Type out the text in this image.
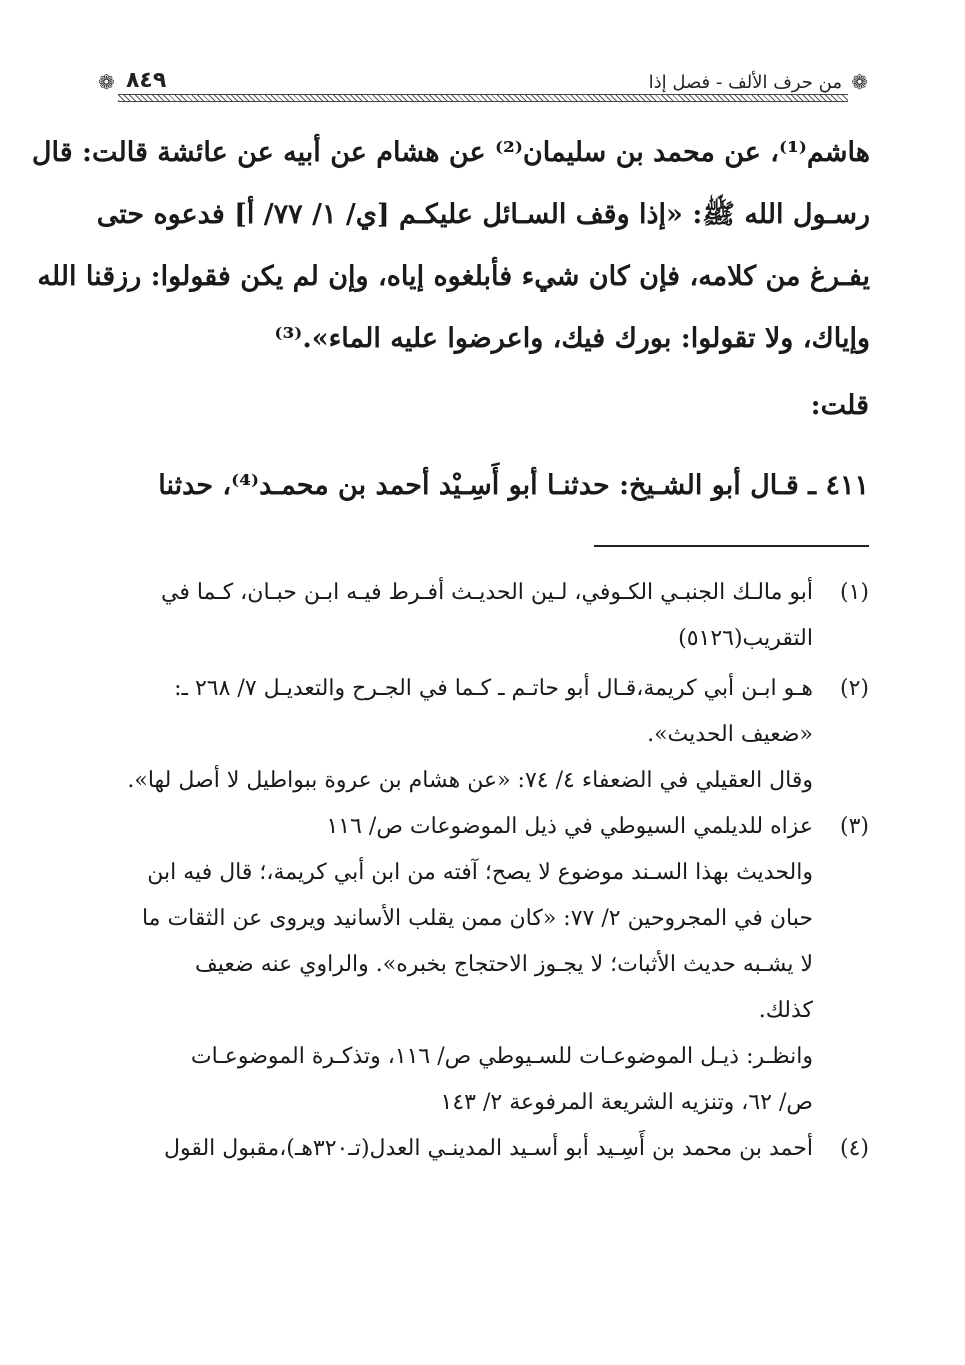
❁
من حرف الألف - فصل إذا
٨٤٩
❁
هاشم⁽¹⁾، عن محمد بن سليمان⁽²⁾ عن هشام عن أبيه عن عائشة قالت: قال
رسـول الله ﷺ: «إذا وقف السـائل عليكـم [ي/ ١/ ٧٧/ أ] فدعوه حتى
يفـرغ من كلامه، فإن كان شيء فأبلغوه إياه، وإن لم يكن فقولوا: رزقنا الله
وإياك، ولا تقولوا: بورك فيك، واعرضوا عليه الماء».⁽³⁾
قلت:
٤١١ ـ قـال أبو الشـيخ: حدثنـا أبو أَسِـيْد أحمد بن محمـد⁽⁴⁾، حدثنا
(١)أبو مالـك الجنبـي الكـوفي، لـين الحديـث أفـرط فيـه ابـن حبـان، كـما في
التقريب(٥١٢٦)
(٢)هـو ابـن أبي كريمة،قـال أبو حاتـم ـ كـما في الجـرح والتعديـل ٧/ ٢٦٨ ـ:
«ضعيف الحديث».
وقال العقيلي في الضعفاء ٤/ ٧٤: «عن هشام بن عروة ببواطيل لا أصل لها».
(٣)عزاه للديلمي السيوطي في ذيل الموضوعات ص/ ١١٦
والحديث بهذا السـند موضوع لا يصح؛ آفته من ابن أبي كريمة،؛ قال فيه ابن
حبان في المجروحين ٢/ ٧٧: «كان ممن يقلب الأسانيد ويروى عن الثقات ما
لا يشـبه حديث الأثبات؛ لا يجـوز الاحتجاج بخبره». والراوي عنه ضعيف
كذلك.
وانظـر: ذيـل الموضوعـات للسـيوطي ص/ ١١٦، وتذكـرة الموضوعـات
ص/ ٦٢، وتنزيه الشريعة المرفوعة ٢/ ١٤٣
(٤)أحمد بن محمد بن أَسِـيد أبو أسـيد المدينـي العدل(تـ٣٢٠هـ)،مقبول القول
